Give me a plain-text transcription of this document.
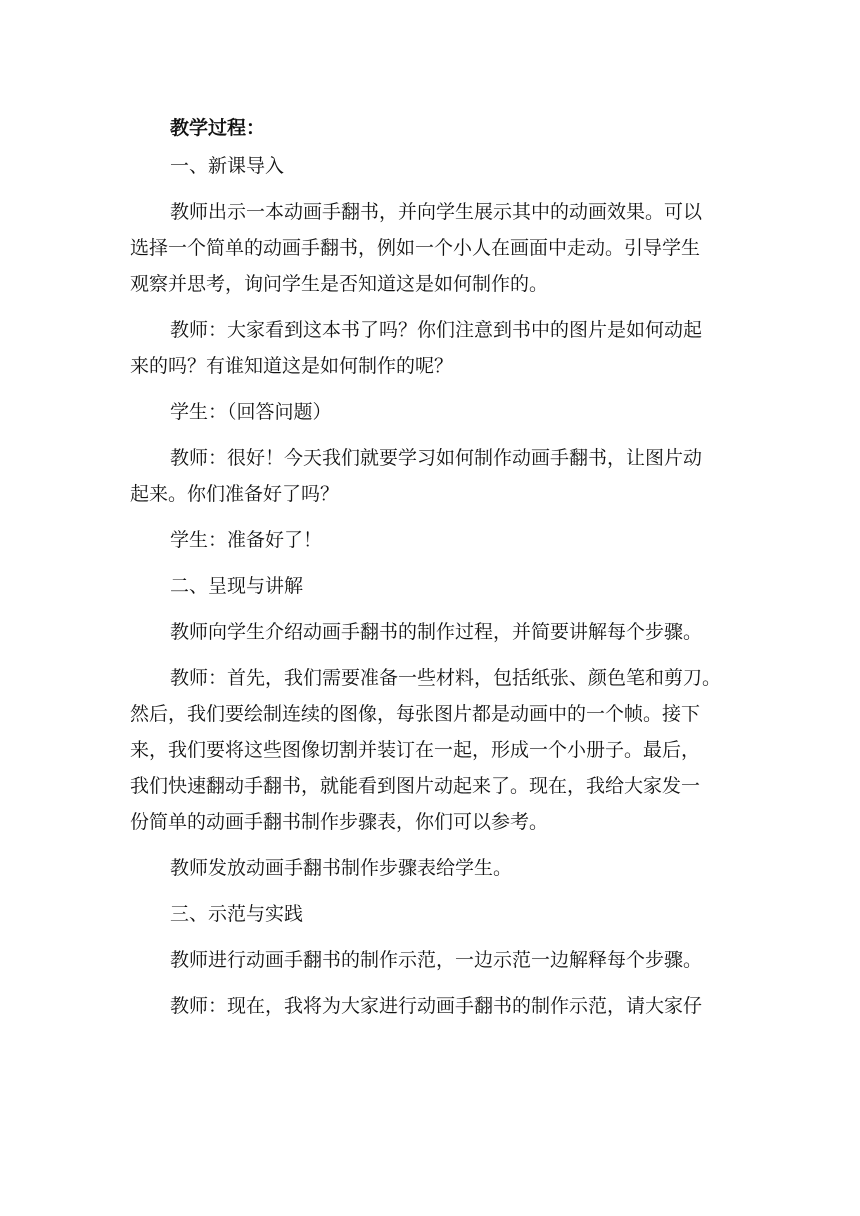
教学过程：

一、新课导入

教师出示一本动画手翻书，并向学生展示其中的动画效果。可以

选择一个简单的动画手翻书，例如一个小人在画面中走动。引导学生

观察并思考，询问学生是否知道这是如何制作的。

教师：大家看到这本书了吗？你们注意到书中的图片是如何动起

来的吗？有谁知道这是如何制作的呢？

学生：（回答问题）

教师：很好！今天我们就要学习如何制作动画手翻书，让图片动

起来。你们准备好了吗？

学生：准备好了！

二、呈现与讲解

教师向学生介绍动画手翻书的制作过程，并简要讲解每个步骤。

教师：首先，我们需要准备一些材料，包括纸张、颜色笔和剪刀。

然后，我们要绘制连续的图像，每张图片都是动画中的一个帧。接下

来，我们要将这些图像切割并装订在一起，形成一个小册子。最后，

我们快速翻动手翻书，就能看到图片动起来了。现在，我给大家发一

份简单的动画手翻书制作步骤表，你们可以参考。

教师发放动画手翻书制作步骤表给学生。

三、示范与实践

教师进行动画手翻书的制作示范，一边示范一边解释每个步骤。

教师：现在，我将为大家进行动画手翻书的制作示范，请大家仔
